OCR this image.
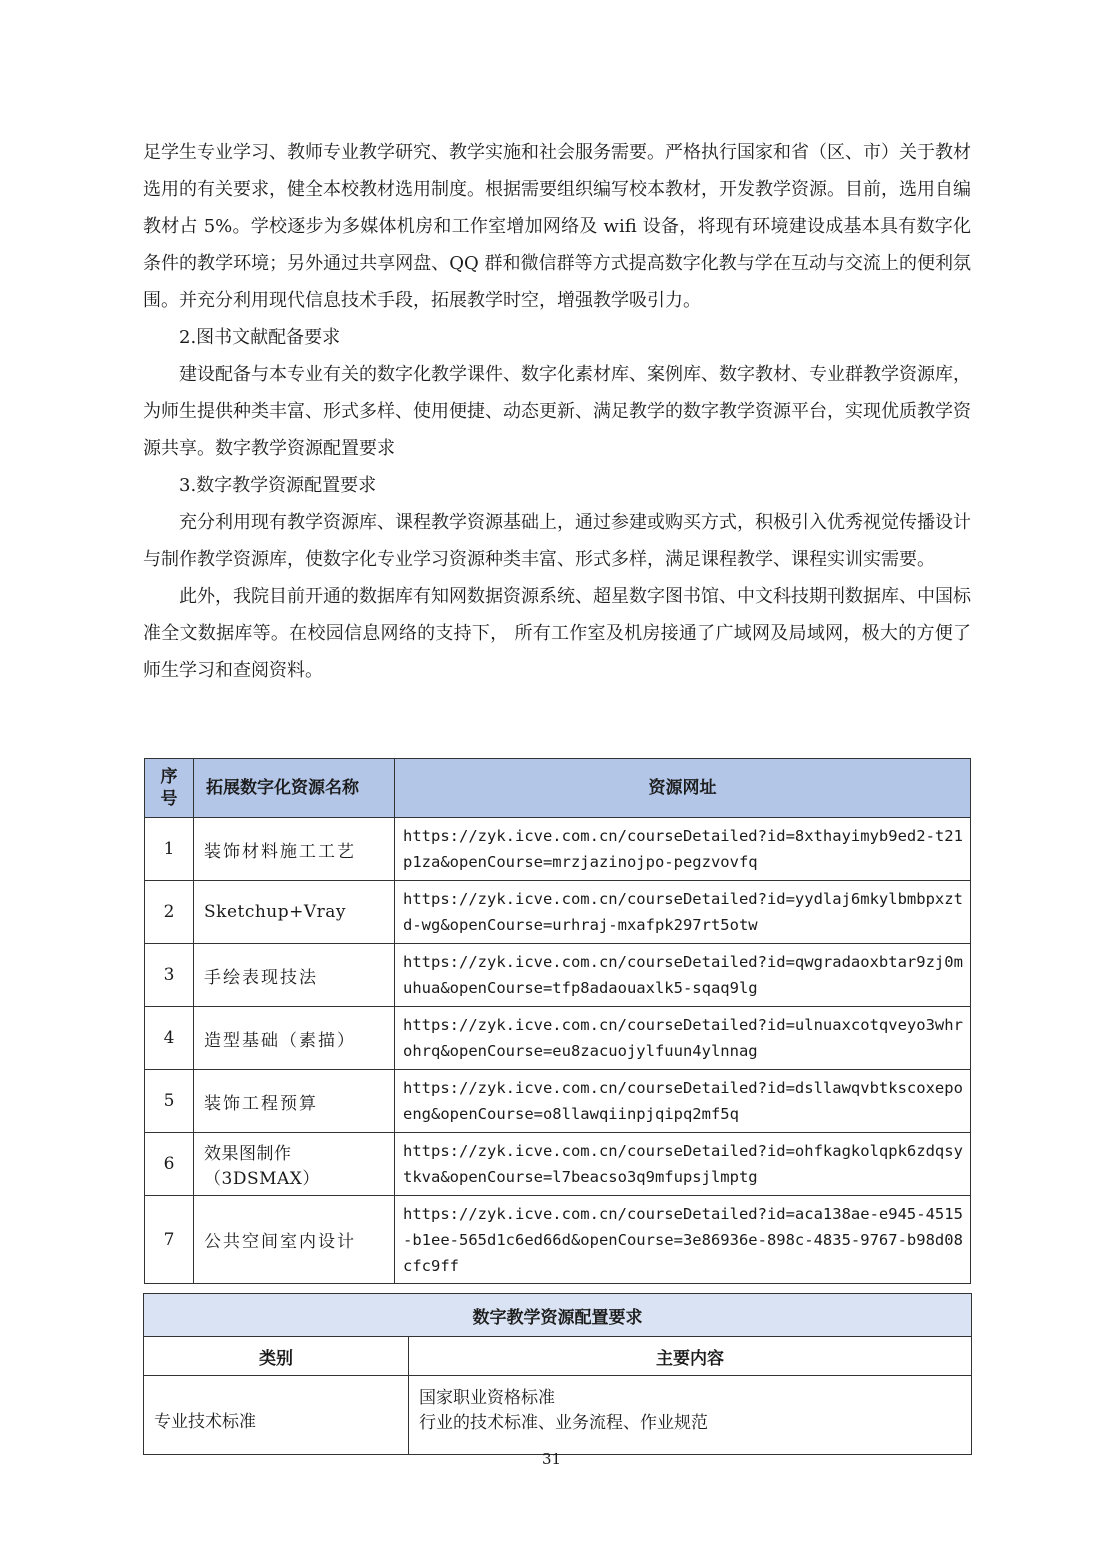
足学生专业学习、教师专业教学研究、教学实施和社会服务需要。严格执行国家和省（区、市）关于教材选用的有关要求，健全本校教材选用制度。根据需要组织编写校本教材，开发教学资源。目前，选用自编教材占 5%。学校逐步为多媒体机房和工作室增加网络及 wifi 设备，将现有环境建设成基本具有数字化条件的教学环境；另外通过共享网盘、QQ 群和微信群等方式提高数字化教与学在互动与交流上的便利氛围。并充分利用现代信息技术手段，拓展教学时空，增强教学吸引力。

2.图书文献配备要求

建设配备与本专业有关的数字化教学课件、数字化素材库、案例库、数字教材、专业群教学资源库，为师生提供种类丰富、形式多样、使用便捷、动态更新、满足教学的数字教学资源平台，实现优质教学资源共享。数字教学资源配置要求

3.数字教学资源配置要求

充分利用现有教学资源库、课程教学资源基础上，通过参建或购买方式，积极引入优秀视觉传播设计与制作教学资源库，使数字化专业学习资源种类丰富、形式多样，满足课程教学、课程实训实需要。

此外，我院目前开通的数据库有知网数据资源系统、超星数字图书馆、中文科技期刊数据库、中国标准全文数据库等。在校园信息网络的支持下， 所有工作室及机房接通了广域网及局域网，极大的方便了师生学习和查阅资料。

序号	拓展数字化资源名称	资源网址
1	装饰材料施工工艺	https://zyk.icve.com.cn/courseDetailed?id=8xthayimyb9ed2-t21p1za&openCourse=mrzjazinojpo-pegzvovfq
2	Sketchup+Vray	https://zyk.icve.com.cn/courseDetailed?id=yydlaj6mkylbmbpxztd-wg&openCourse=urhraj-mxafpk297rt5otw
3	手绘表现技法	https://zyk.icve.com.cn/courseDetailed?id=qwgradaoxbtar9zj0muhua&openCourse=tfp8adaouaxlk5-sqaq9lg
4	造型基础（素描）	https://zyk.icve.com.cn/courseDetailed?id=ulnuaxcotqveyo3whrohrq&openCourse=eu8zacuojylfuun4ylnnag
5	装饰工程预算	https://zyk.icve.com.cn/courseDetailed?id=dsllawqvbtkscoxepoeng&openCourse=o8llawqiinpjqipq2mf5q
6	效果图制作（3DSMAX）	https://zyk.icve.com.cn/courseDetailed?id=ohfkagkolqpk6zdqsytkva&openCourse=l7beacso3q9mfupsjlmptg
7	公共空间室内设计	https://zyk.icve.com.cn/courseDetailed?id=aca138ae-e945-4515-b1ee-565d1c6ed66d&openCourse=3e86936e-898c-4835-9767-b98d08cfc9ff
数字教学资源配置要求	
类别	主要内容
专业技术标准	国家职业资格标准
行业的技术标准、业务流程、作业规范
31
